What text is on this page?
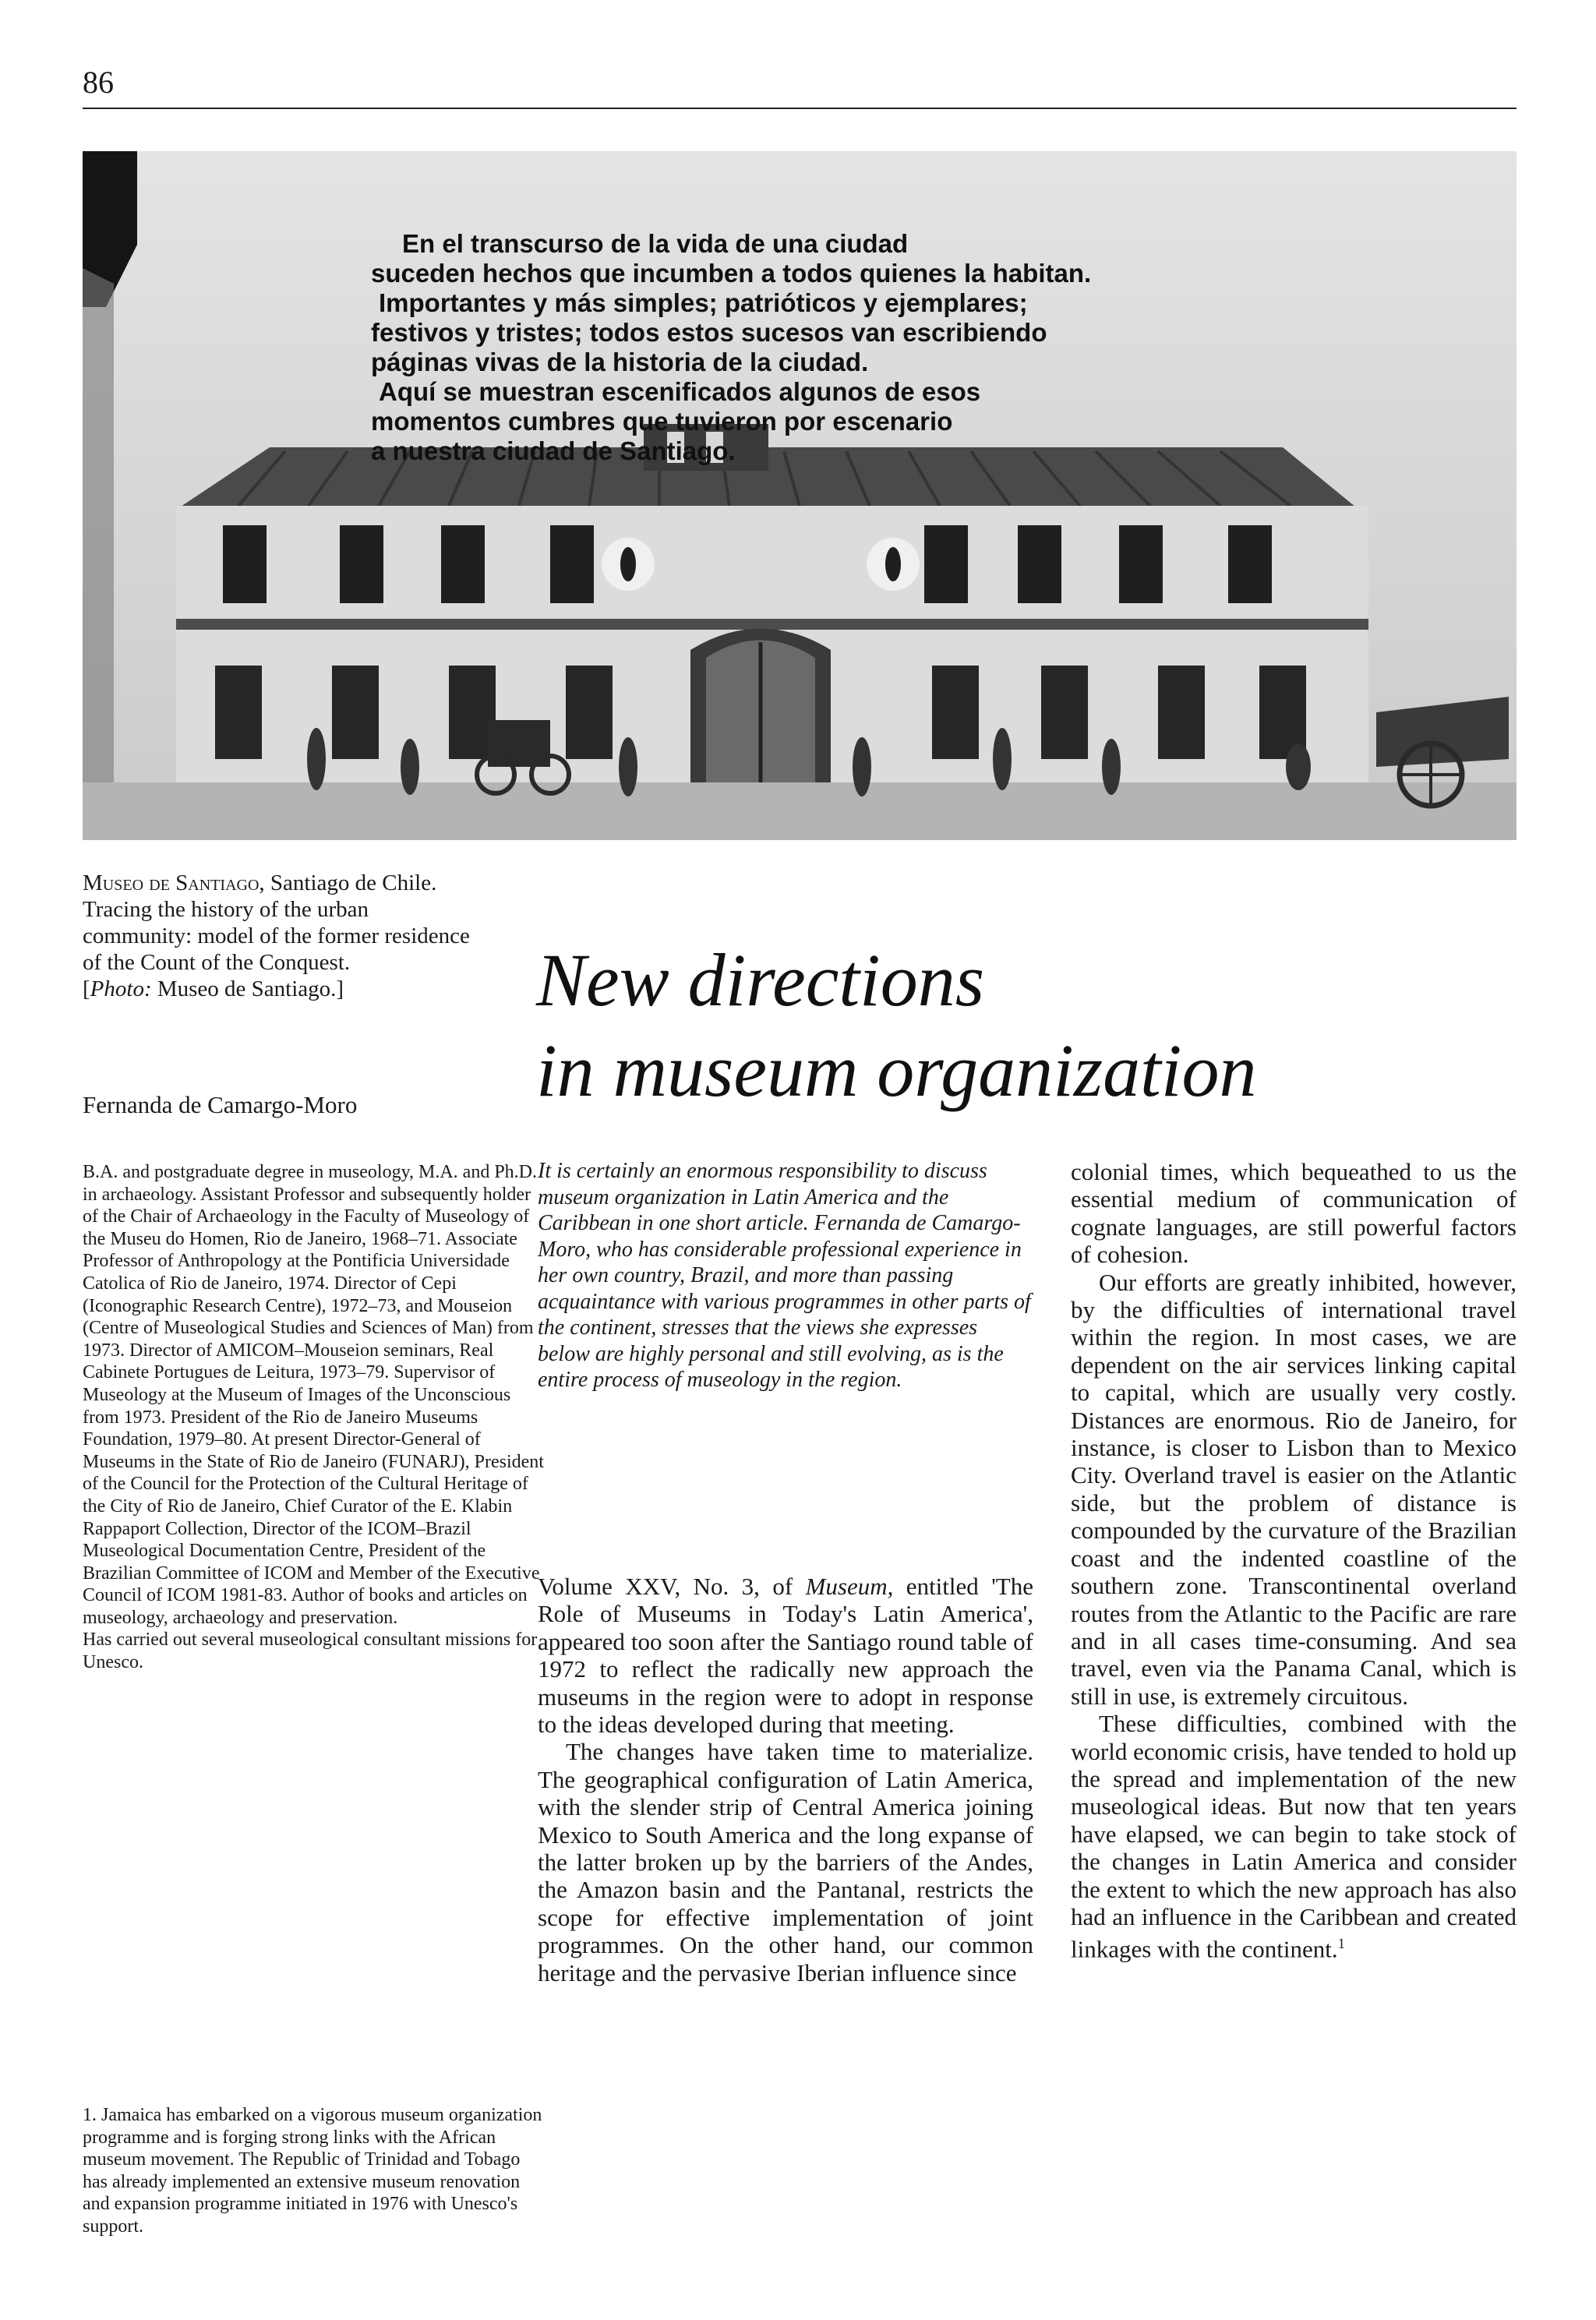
86

En el transcurso de la vida de una ciudad

suceden hechos que incumben a todos quienes la habitan.

Importantes y más simples; patrióticos y ejemplares;

festivos y tristes; todos estos sucesos van escribiendo

páginas vivas de la historia de la ciudad.

Aquí se muestran escenificados algunos de esos

momentos cumbres que tuvieron por escenario

a nuestra ciudad de Santiago.

Museo de Santiago, Santiago de Chile.

Tracing the history of the urban

community: model of the former residence

of the Count of the Conquest.

[Photo: Museo de Santiago.]

Fernanda de Camargo-Moro

B.A. and postgraduate degree in museology, M.A. and Ph.D. in archaeology. Assistant Professor and subsequently holder of the Chair of Archaeology in the Faculty of Museology of the Museu do Homen, Rio de Janeiro, 1968–71. Associate Professor of Anthropology at the Pontificia Universidade Catolica of Rio de Janeiro, 1974. Director of Cepi (Iconographic Research Centre), 1972–73, and Mouseion (Centre of Museological Studies and Sciences of Man) from 1973. Director of AMICOM–Mouseion seminars, Real Cabinete Portugues de Leitura, 1973–79. Supervisor of Museology at the Museum of Images of the Unconscious from 1973. President of the Rio de Janeiro Museums Foundation, 1979–80. At present Director-General of Museums in the State of Rio de Janeiro (FUNARJ), President of the Council for the Protection of the Cultural Heritage of the City of Rio de Janeiro, Chief Curator of the E. Klabin Rappaport Collection, Director of the ICOM–Brazil Museological Documentation Centre, President of the Brazilian Committee of ICOM and Member of the Executive Council of ICOM 1981-83. Author of books and articles on museology, archaeology and preservation.

Has carried out several museological consultant missions for Unesco.

1. Jamaica has embarked on a vigorous museum organization programme and is forging strong links with the African museum movement. The Republic of Trinidad and Tobago has already implemented an extensive museum renovation and expansion programme initiated in 1976 with Unesco's support.
New directions
in museum organization
It is certainly an enormous responsibility to discuss museum organization in Latin America and the Caribbean in one short article. Fernanda de Camargo-Moro, who has considerable professional experience in her own country, Brazil, and more than passing acquaintance with various programmes in other parts of the continent, stresses that the views she expresses below are highly personal and still evolving, as is the entire process of museology in the region.

Volume XXV, No. 3, of Museum, entitled 'The Role of Museums in Today's Latin America', appeared too soon after the Santiago round table of 1972 to reflect the radically new approach the museums in the region were to adopt in response to the ideas developed during that meeting.

The changes have taken time to materialize. The geographical configuration of Latin America, with the slender strip of Central America joining Mexico to South America and the long expanse of the latter broken up by the barriers of the Andes, the Amazon basin and the Pantanal, restricts the scope for effective implementation of joint programmes. On the other hand, our common heritage and the pervasive Iberian influence since

colonial times, which bequeathed to us the essential medium of communication of cognate languages, are still powerful factors of cohesion.

Our efforts are greatly inhibited, however, by the difficulties of international travel within the region. In most cases, we are dependent on the air services linking capital to capital, which are usually very costly. Distances are enormous. Rio de Janeiro, for instance, is closer to Lisbon than to Mexico City. Overland travel is easier on the Atlantic side, but the problem of distance is compounded by the curvature of the Brazilian coast and the indented coastline of the southern zone. Transcontinental overland routes from the Atlantic to the Pacific are rare and in all cases time-consuming. And sea travel, even via the Panama Canal, which is still in use, is extremely circuitous.

These difficulties, combined with the world economic crisis, have tended to hold up the spread and implementation of the new museological ideas. But now that ten years have elapsed, we can begin to take stock of the changes in Latin America and consider the extent to which the new approach has also had an influence in the Caribbean and created linkages with the continent.$^1$
